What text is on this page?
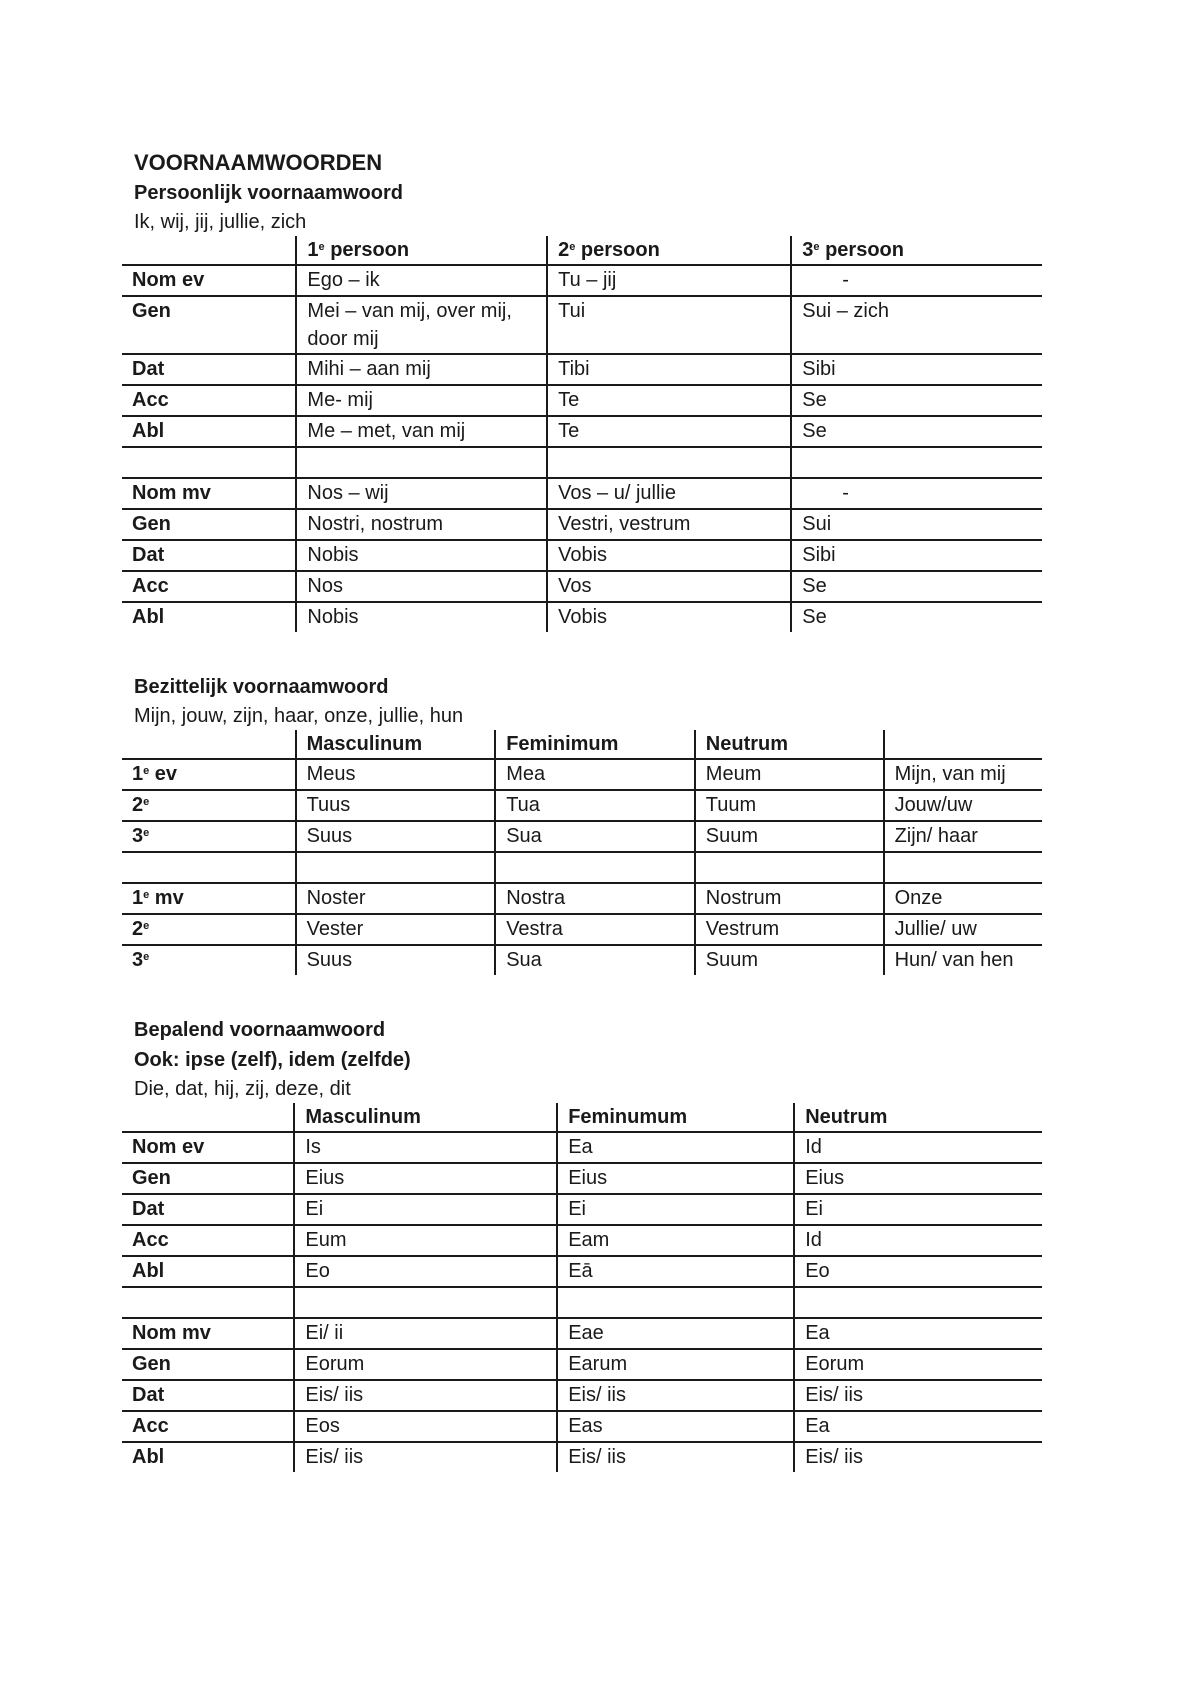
VOORNAAMWOORDEN

Persoonlijk voornaamwoord

Ik, wij, jij, jullie, zich

	1e persoon	2e persoon	3e persoon
Nom ev	Ego – ik	Tu – jij	-
Gen	Mei – van mij, over mij, door mij	Tui	Sui – zich
Dat	Mihi – aan mij	Tibi	Sibi
Acc	Me- mij	Te	Se
Abl	Me – met, van mij	Te	Se

Nom mv	Nos – wij	Vos – u/ jullie	-
Gen	Nostri, nostrum	Vestri, vestrum	Sui
Dat	Nobis	Vobis	Sibi
Acc	Nos	Vos	Se
Abl	Nobis	Vobis	Se

Bezittelijk voornaamwoord

Mijn, jouw, zijn, haar, onze, jullie, hun

	Masculinum	Feminimum	Neutrum	
1e ev	Meus	Mea	Meum	Mijn, van mij
2e	Tuus	Tua	Tuum	Jouw/uw
3e	Suus	Sua	Suum	Zijn/ haar

1e mv	Noster	Nostra	Nostrum	Onze
2e	Vester	Vestra	Vestrum	Jullie/ uw
3e	Suus	Sua	Suum	Hun/ van hen

Bepalend voornaamwoord

Ook: ipse (zelf), idem (zelfde)

Die, dat, hij, zij, deze, dit

	Masculinum	Feminumum	Neutrum
Nom ev	Is	Ea	Id
Gen	Eius	Eius	Eius
Dat	Ei	Ei	Ei
Acc	Eum	Eam	Id
Abl	Eo	Eā	Eo

Nom mv	Ei/ ii	Eae	Ea
Gen	Eorum	Earum	Eorum
Dat	Eis/ iis	Eis/ iis	Eis/ iis
Acc	Eos	Eas	Ea
Abl	Eis/ iis	Eis/ iis	Eis/ iis
